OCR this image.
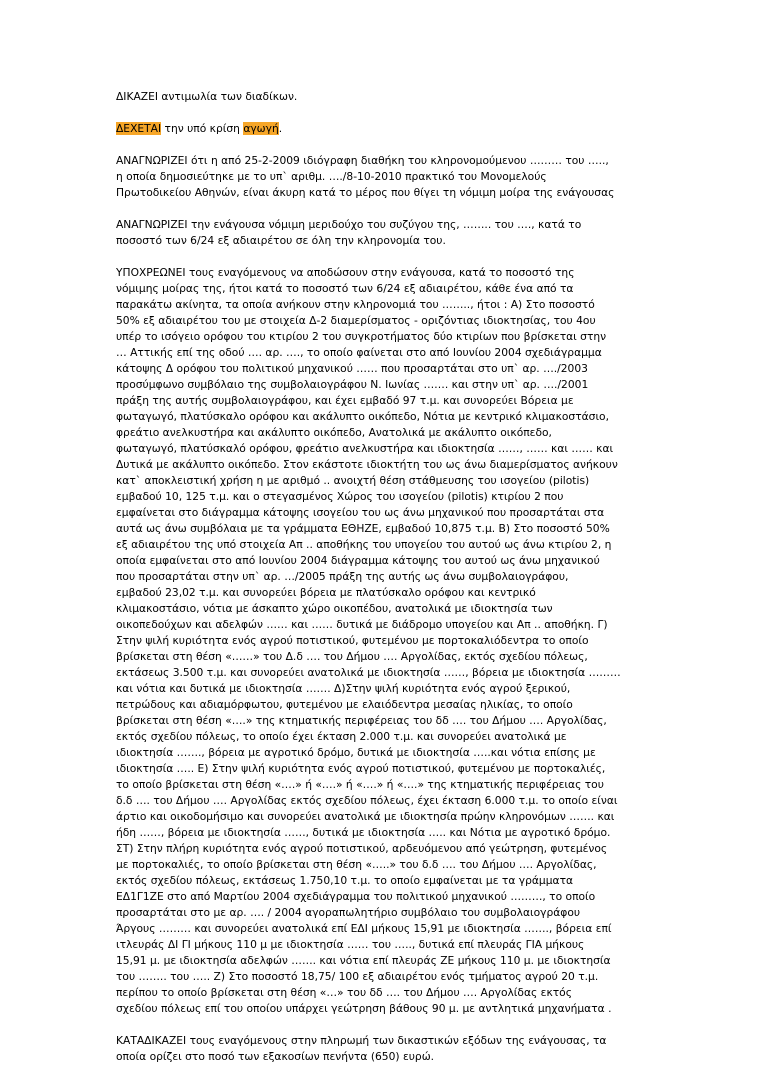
ΔΙΚΑΖΕΙ αντιμωλία των διαδίκων.

ΔΕΧΕΤΑΙ την υπό κρίση αγωγή.

ΑΝΑΓΝΩΡΙΖΕΙ ότι η από 25-2-2009 ιδιόγραφη διαθήκη του κληρονομούμενου ……… του …..,
η οποία δημοσιεύτηκε με το υπ` αριθμ. …./8-10-2010 πρακτικό του Μονομελούς
Πρωτοδικείου Αθηνών, είναι άκυρη κατά το μέρος που θίγει τη νόμιμη μοίρα της ενάγουσας

ΑΝΑΓΝΩΡΙΖΕΙ την ενάγουσα νόμιμη μεριδούχο του συζύγου της, …….. του …., κατά το
ποσοστό των 6/24 εξ αδιαιρέτου σε όλη την κληρονομία του.

ΥΠΟΧΡΕΩΝΕΙ τους εναγόμενους να αποδώσουν στην ενάγουσα, κατά το ποσοστό της
νόμιμης μοίρας της, ήτοι κατά το ποσοστό των 6/24 εξ αδιαιρέτου, κάθε ένα από τα
παρακάτω ακίνητα, τα οποία ανήκουν στην κληρονομιά του …….., ήτοι : Α) Στο ποσοστό
50% εξ αδιαιρέτου του με στοιχεία Δ-2 διαμερίσματος - οριζόντιας ιδιοκτησίας, του 4ου
υπέρ το ισόγειο ορόφου του κτιρίου 2 του συγκροτήματος δύο κτιρίων που βρίσκεται στην
… Αττικής επί της οδού …. αρ. …., το οποίο φαίνεται στο από Ιουνίου 2004 σχεδιάγραμμα
κάτοψης Δ ορόφου του πολιτικού μηχανικού …… που προσαρτάται στο υπ` αρ. …./2003
προσύμφωνο συμβόλαιο της συμβολαιογράφου Ν. Ιωνίας ……. και στην υπ` αρ. …./2001
πράξη της αυτής συμβολαιογράφου, και έχει εμβαδό 97 τ.μ. και συνορεύει Βόρεια με
φωταγωγό, πλατύσκαλο ορόφου και ακάλυπτο οικόπεδο, Νότια με κεντρικό κλιμακοστάσιο,
φρεάτιο ανελκυστήρα και ακάλυπτο οικόπεδο, Ανατολικά με ακάλυπτο οικόπεδο,
φωταγωγό, πλατύσκαλό ορόφου, φρεάτιο ανελκυστήρα και ιδιοκτησία ……, …… και …… και
Δυτικά με ακάλυπτο οικόπεδο. Στον εκάστοτε ιδιοκτήτη του ως άνω διαμερίσματος ανήκουν
κατ` αποκλειστική χρήση η με αριθμό .. ανοιχτή θέση στάθμευσης του ισογείου (pilotis)
εμβαδού 10, 125 τ.μ. και ο στεγασμένος Χώρος του ισογείου (pilotis) κτιρίου 2 που
εμφαίνεται στο διάγραμμα κάτοψης ισογείου του ως άνω μηχανικού που προσαρτάται στα
αυτά ως άνω συμβόλαια με τα γράμματα ΕΘΗΖΕ, εμβαδού 10,875 τ.μ. Β) Στο ποσοστό 50%
εξ αδιαιρέτου της υπό στοιχεία Απ .. αποθήκης του υπογείου του αυτού ως άνω κτιρίου 2, η
οποία εμφαίνεται στο από Ιουνίου 2004 διάγραμμα κάτοψης του αυτού ως άνω μηχανικού
που προσαρτάται στην υπ` αρ. …/2005 πράξη της αυτής ως άνω συμβολαιογράφου,
εμβαδού 23,02 τ.μ. και συνορεύει βόρεια με πλατύσκαλο ορόφου και κεντρικό
κλιμακοστάσιο, νότια με άσκαπτο χώρο οικοπέδου, ανατολικά με ιδιοκτησία των
οικοπεδούχων και αδελφών …… και …… δυτικά με διάδρομο υπογείου και Απ .. αποθήκη. Γ)
Στην ψιλή κυριότητα ενός αγρού ποτιστικού, φυτεμένου με πορτοκαλιόδεντρα το οποίο
βρίσκεται στη θέση «……» του Δ.δ …. του Δήμου …. Αργολίδας, εκτός σχεδίου πόλεως,
εκτάσεως 3.500 τ.μ. και συνορεύει ανατολικά με ιδιοκτησία ……, βόρεια με ιδιοκτησία ………
και νότια και δυτικά με ιδιοκτησία ……. Δ)Στην ψιλή κυριότητα ενός αγρού ξερικού,
πετρώδους και αδιαμόρφωτου, φυτεμένου με ελαιόδεντρα μεσαίας ηλικίας, το οποίο
βρίσκεται στη θέση «….» της κτηματικής περιφέρειας του δδ …. του Δήμου …. Αργολίδας,
εκτός σχεδίου πόλεως, το οποίο έχει έκταση 2.000 τ.μ. και συνορεύει ανατολικά με
ιδιοκτησία ……., βόρεια με αγροτικό δρόμο, δυτικά με ιδιοκτησία …..και νότια επίσης με
ιδιοκτησία ….. Ε) Στην ψιλή κυριότητα ενός αγρού ποτιστικού, φυτεμένου με πορτοκαλιές,
το οποίο βρίσκεται στη θέση «….» ή «….» ή «….» ή «….» της κτηματικής περιφέρειας του
δ.δ …. του Δήμου …. Αργολίδας εκτός σχεδίου πόλεως, έχει έκταση 6.000 τ.μ. το οποίο είναι
άρτιο και οικοδομήσιμο και συνορεύει ανατολικά με ιδιοκτησία πρώην κληρονόμων ……. και
ήδη ……, βόρεια με ιδιοκτησία ……, δυτικά με ιδιοκτησία ….. και Νότια με αγροτικό δρόμο.
ΣΤ) Στην πλήρη κυριότητα ενός αγρού ποτιστικού, αρδευόμενου από γεώτρηση, φυτεμένος
με πορτοκαλιές, το οποίο βρίσκεται στη θέση «…..» του δ.δ …. του Δήμου …. Αργολίδας,
εκτός σχεδίου πόλεως, εκτάσεως 1.750,10 τ.μ. το οποίο εμφαίνεται με τα γράμματα
ΕΔ1Γ1ΖΕ στο από Μαρτίου 2004 σχεδιάγραμμα του πολιτικού μηχανικού ………, το οποίο
προσαρτάται στο με αρ. …. / 2004 αγοραπωλητήριο συμβόλαιο του συμβολαιογράφου
Άργους ……… και συνορεύει ανατολικά επί ΕΔΙ μήκους 15,91 με ιδιοκτησία ……., βόρεια επί
ιτλευράς ΔΙ ΓΙ μήκους 110 μ με ιδιοκτησία …… του ….., δυτικά επί πλευράς ΓΙΑ μήκους
15,91 μ. με ιδιοκτησία αδελφών ……. και νότια επί πλευράς ΖΕ μήκους 110 μ. με ιδιοκτησία
του …….. του ….. Ζ) Στο ποσοστό 18,75/ 100 εξ αδιαιρέτου ενός τμήματος αγρού 20 τ.μ.
περίπου το οποίο βρίσκεται στη θέση «…» του δδ …. του Δήμου …. Αργολίδας εκτός
σχεδίου πόλεως επί του οποίου υπάρχει γεώτρηση βάθους 90 μ. με αντλητικά μηχανήματα .

ΚΑΤΑΔΙΚΑΖΕΙ τους εναγόμενους στην πληρωμή των δικαστικών εξόδων της ενάγουσας, τα
οποία ορίζει στο ποσό των εξακοσίων πενήντα (650) ευρώ.
